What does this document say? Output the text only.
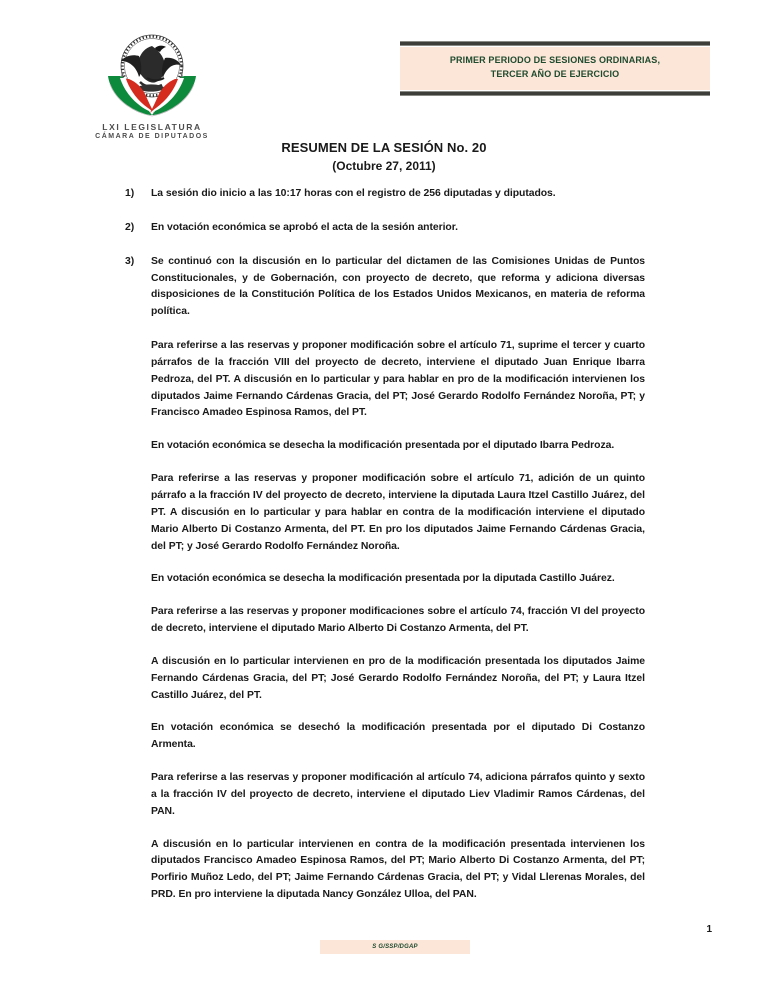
LXI LEGISLATURA
CÁMARA DE DIPUTADOS
PRIMER PERIODO DE SESIONES ORDINARIAS,
TERCER AÑO DE EJERCICIO
RESUMEN DE LA SESIÓN No. 20
(Octubre 27, 2011)
1)	La sesión dio inicio a las 10:17 horas con el registro de 256 diputadas y diputados.

2)	En votación económica se aprobó el acta de la sesión anterior.

3)	Se continuó con la discusión en lo particular del dictamen de las Comisiones Unidas de Puntos Constitucionales, y de Gobernación, con proyecto de decreto, que reforma y adiciona diversas disposiciones de la Constitución Política de los Estados Unidos Mexicanos, en materia de reforma política.

Para referirse a las reservas y proponer modificación sobre el artículo 71, suprime el tercer y cuarto párrafos de la fracción VIII del proyecto de decreto, interviene el diputado Juan Enrique Ibarra Pedroza, del PT. A discusión en lo particular y para hablar en pro de la modificación intervienen los diputados Jaime Fernando Cárdenas Gracia, del PT; José Gerardo Rodolfo Fernández Noroña, PT; y Francisco Amadeo Espinosa Ramos, del PT.

En votación económica se desecha la modificación presentada por el diputado Ibarra Pedroza.

Para referirse a las reservas y proponer modificación sobre el artículo 71, adición de un quinto párrafo a la fracción IV del proyecto de decreto, interviene la diputada Laura Itzel Castillo Juárez, del PT. A discusión en lo particular y para hablar en contra de la modificación interviene el diputado Mario Alberto Di Costanzo Armenta, del PT. En pro los diputados Jaime Fernando Cárdenas Gracia, del PT; y José Gerardo Rodolfo Fernández Noroña.

En votación económica se desecha la modificación presentada por la diputada Castillo Juárez.

Para referirse a las reservas y proponer modificaciones sobre el artículo 74, fracción VI del proyecto de decreto, interviene el diputado Mario Alberto Di Costanzo Armenta, del PT.

A discusión en lo particular intervienen en pro de la modificación presentada los diputados Jaime Fernando Cárdenas Gracia, del PT; José Gerardo Rodolfo Fernández Noroña, del PT; y Laura Itzel Castillo Juárez, del PT.

En votación económica se desechó la modificación presentada por el diputado Di Costanzo Armenta.

Para referirse a las reservas y proponer modificación al artículo 74, adiciona párrafos quinto y sexto a la fracción IV del proyecto de decreto, interviene el diputado Liev Vladimir Ramos Cárdenas, del PAN.

A discusión en lo particular intervienen en contra de la modificación presentada intervienen los diputados Francisco Amadeo Espinosa Ramos, del PT; Mario Alberto Di Costanzo Armenta, del PT; Porfirio Muñoz Ledo, del PT; Jaime Fernando Cárdenas Gracia, del PT; y Vidal Llerenas Morales, del PRD. En pro interviene la diputada Nancy González Ulloa, del PAN.

S G/SSP/DGAP
1
